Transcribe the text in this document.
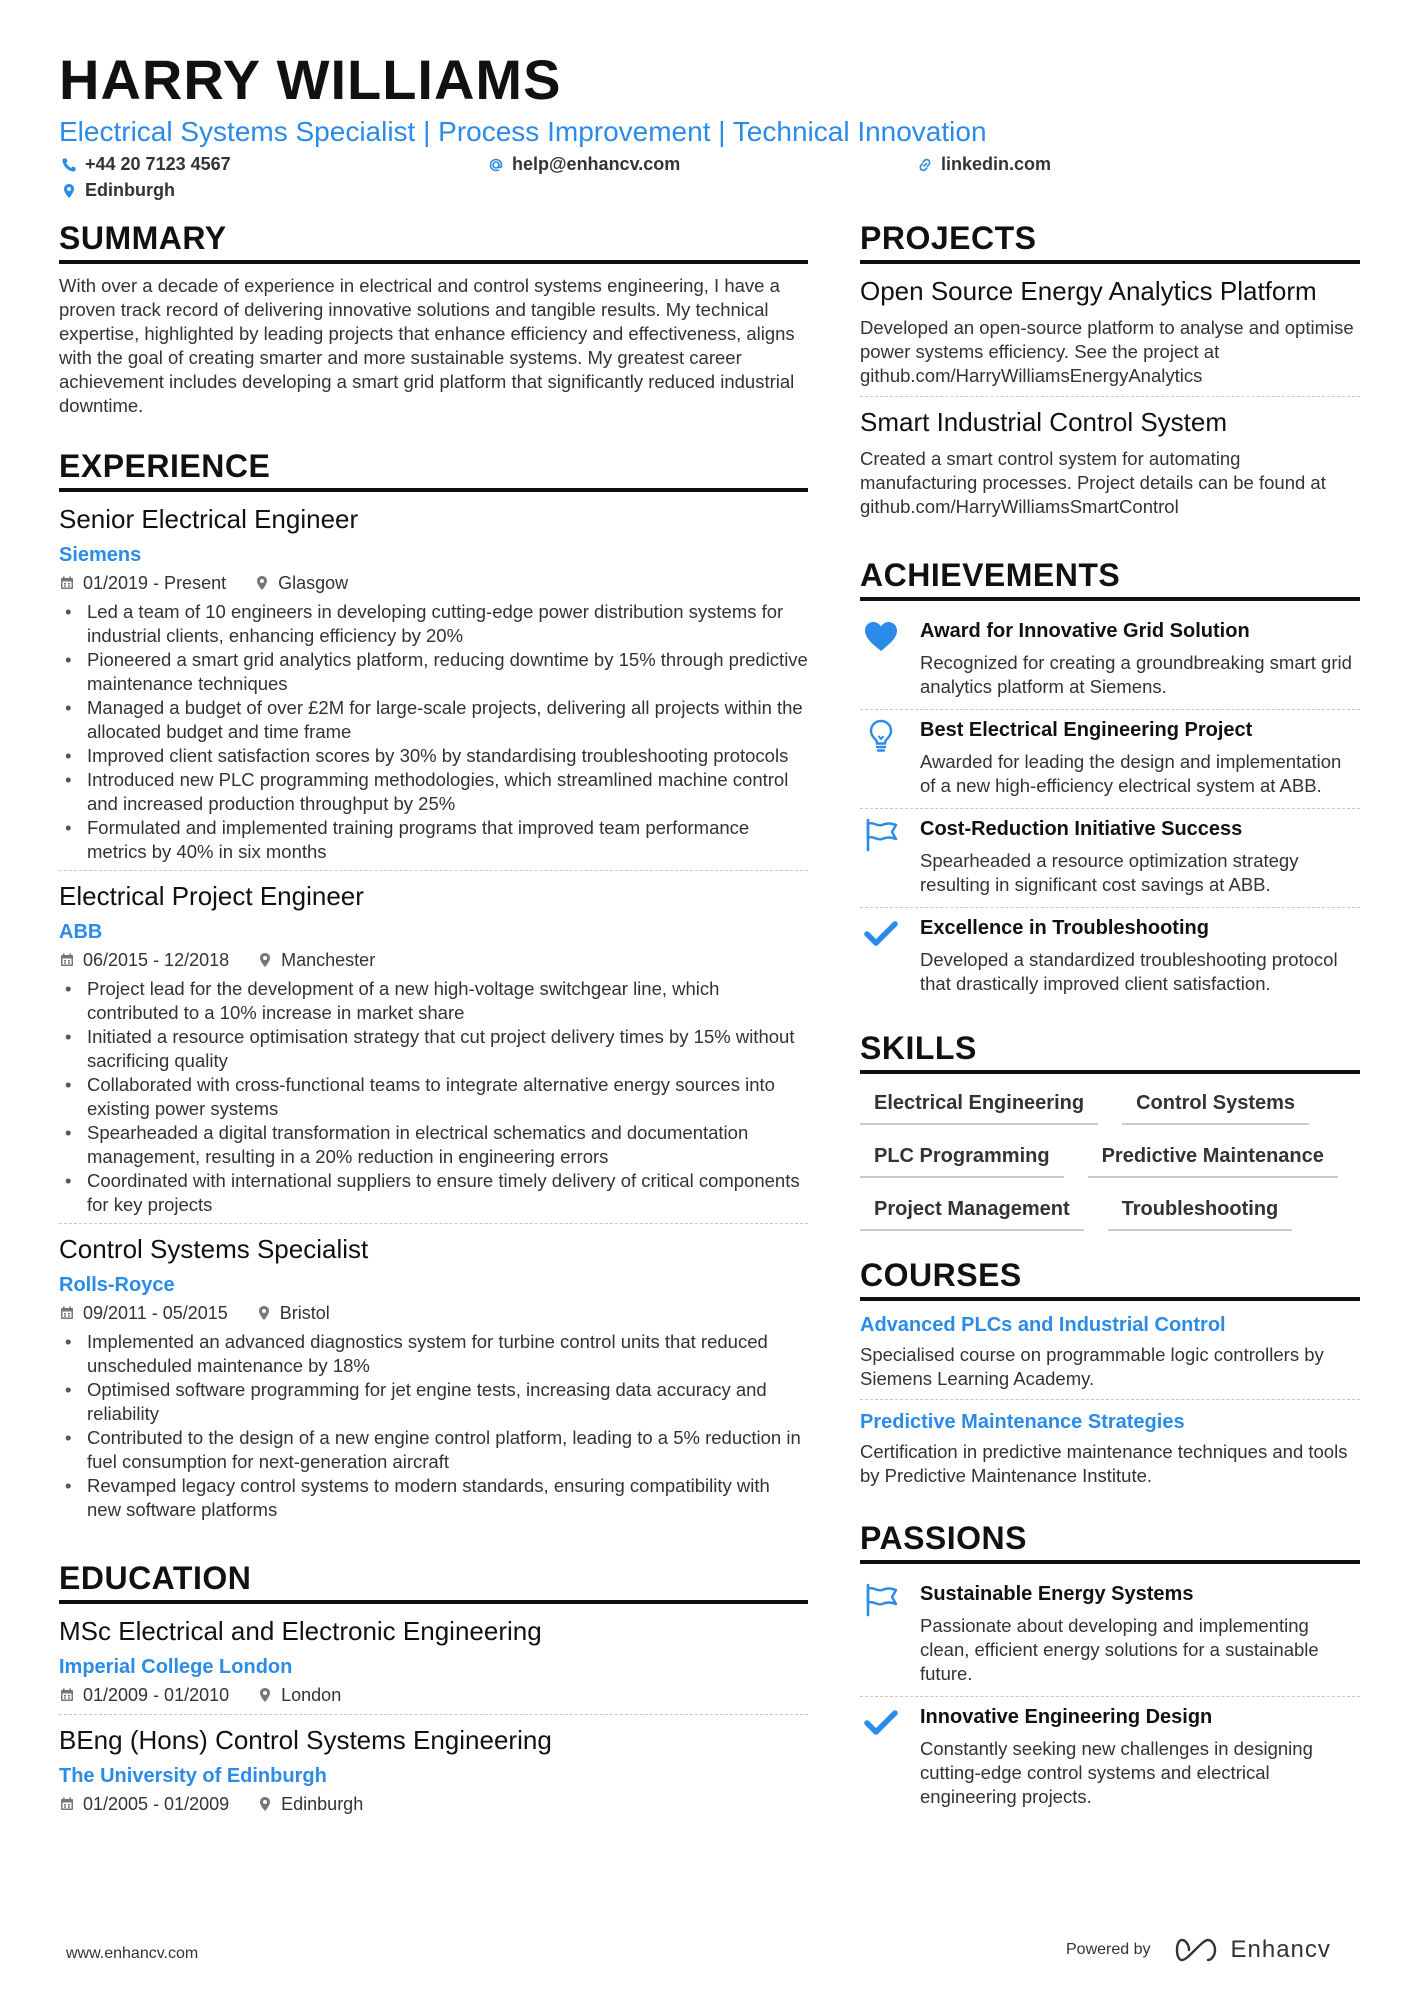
HARRY WILLIAMS
Electrical Systems Specialist | Process Improvement | Technical Innovation
+44 20 7123 4567	help@enhancv.com	linkedin.com
Edinburgh
SUMMARY
With over a decade of experience in electrical and control systems engineering, I have a proven track record of delivering innovative solutions and tangible results. My technical expertise, highlighted by leading projects that enhance efficiency and effectiveness, aligns with the goal of creating smarter and more sustainable systems. My greatest career achievement includes developing a smart grid platform that significantly reduced industrial downtime.
EXPERIENCE
Senior Electrical Engineer
Siemens
01/2019 - Present	Glasgow
• Led a team of 10 engineers in developing cutting-edge power distribution systems for industrial clients, enhancing efficiency by 20%
• Pioneered a smart grid analytics platform, reducing downtime by 15% through predictive maintenance techniques
• Managed a budget of over £2M for large-scale projects, delivering all projects within the allocated budget and time frame
• Improved client satisfaction scores by 30% by standardising troubleshooting protocols
• Introduced new PLC programming methodologies, which streamlined machine control and increased production throughput by 25%
• Formulated and implemented training programs that improved team performance metrics by 40% in six months
Electrical Project Engineer
ABB
06/2015 - 12/2018	Manchester
• Project lead for the development of a new high-voltage switchgear line, which contributed to a 10% increase in market share
• Initiated a resource optimisation strategy that cut project delivery times by 15% without sacrificing quality
• Collaborated with cross-functional teams to integrate alternative energy sources into existing power systems
• Spearheaded a digital transformation in electrical schematics and documentation management, resulting in a 20% reduction in engineering errors
• Coordinated with international suppliers to ensure timely delivery of critical components for key projects
Control Systems Specialist
Rolls-Royce
09/2011 - 05/2015	Bristol
• Implemented an advanced diagnostics system for turbine control units that reduced unscheduled maintenance by 18%
• Optimised software programming for jet engine tests, increasing data accuracy and reliability
• Contributed to the design of a new engine control platform, leading to a 5% reduction in fuel consumption for next-generation aircraft
• Revamped legacy control systems to modern standards, ensuring compatibility with new software platforms
EDUCATION
MSc Electrical and Electronic Engineering
Imperial College London
01/2009 - 01/2010	London
BEng (Hons) Control Systems Engineering
The University of Edinburgh
01/2005 - 01/2009	Edinburgh
PROJECTS
Open Source Energy Analytics Platform
Developed an open-source platform to analyse and optimise power systems efficiency. See the project at github.com/HarryWilliamsEnergyAnalytics
Smart Industrial Control System
Created a smart control system for automating manufacturing processes. Project details can be found at github.com/HarryWilliamsSmartControl
ACHIEVEMENTS
Award for Innovative Grid Solution
Recognized for creating a groundbreaking smart grid analytics platform at Siemens.
Best Electrical Engineering Project
Awarded for leading the design and implementation of a new high-efficiency electrical system at ABB.
Cost-Reduction Initiative Success
Spearheaded a resource optimization strategy resulting in significant cost savings at ABB.
Excellence in Troubleshooting
Developed a standardized troubleshooting protocol that drastically improved client satisfaction.
SKILLS
Electrical Engineering	Control Systems
PLC Programming	Predictive Maintenance
Project Management	Troubleshooting
COURSES
Advanced PLCs and Industrial Control
Specialised course on programmable logic controllers by Siemens Learning Academy.
Predictive Maintenance Strategies
Certification in predictive maintenance techniques and tools by Predictive Maintenance Institute.
PASSIONS
Sustainable Energy Systems
Passionate about developing and implementing clean, efficient energy solutions for a sustainable future.
Innovative Engineering Design
Constantly seeking new challenges in designing cutting-edge control systems and electrical engineering projects.
www.enhancv.com	Powered by	Enhancv
